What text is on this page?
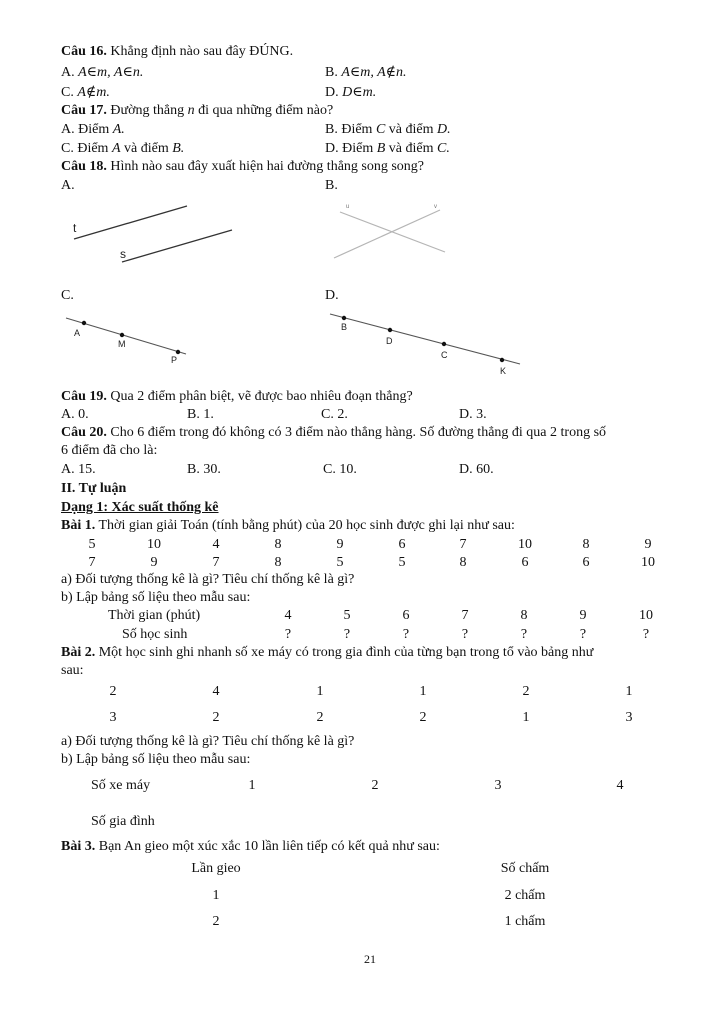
Câu 16. Khẳng định nào sau đây ĐÚNG.
A. A∈m, A∈n.	B. A∈m, A∉n.
C. A∉m.	D. D∈m.
Câu 17. Đường thẳng n đi qua những điểm nào?
A. Điểm A.	B. Điểm C và điểm D.
C. Điểm A và điểm B.	D. Điểm B và điểm C.
Câu 18. Hình nào sau đây xuất hiện hai đường thẳng song song?
A.	B.
t
s
u	v
C.	D.
A
M
P
B
D
C
K
Câu 19. Qua 2 điểm phân biệt, vẽ được bao nhiêu đoạn thẳng?
A. 0.	B. 1.	C. 2.	D. 3.
Câu 20. Cho 6 điểm trong đó không có 3 điểm nào thẳng hàng. Số đường thẳng đi qua 2 trong số
6 điểm đã cho là:
A. 15.	B. 30.	C. 10.	D. 60.
II. Tự luận
Dạng 1: Xác suất thống kê
Bài 1. Thời gian giải Toán (tính bằng phút) của 20 học sinh được ghi lại như sau:
5	10	4	8	9	6	7	10	8	9
7	9	7	8	5	5	8	6	6	10
a) Đối tượng thống kê là gì? Tiêu chí thống kê là gì?
b) Lập bảng số liệu theo mẫu sau:
Thời gian (phút)	4	5	6	7	8	9	10
Số học sinh	?	?	?	?	?	?	?
Bài 2. Một học sinh ghi nhanh số xe máy có trong gia đình của từng bạn trong tổ vào bảng như
sau:
2	4	1	1	2	1
3	2	2	2	1	3
a) Đối tượng thống kê là gì? Tiêu chí thống kê là gì?
b) Lập bảng số liệu theo mẫu sau:
Số xe máy	1	2	3	4
Số gia đình
Bài 3. Bạn An gieo một xúc xắc 10 lần liên tiếp có kết quả như sau:
Lần gieo	Số chấm
1	2 chấm
2	1 chấm
21
